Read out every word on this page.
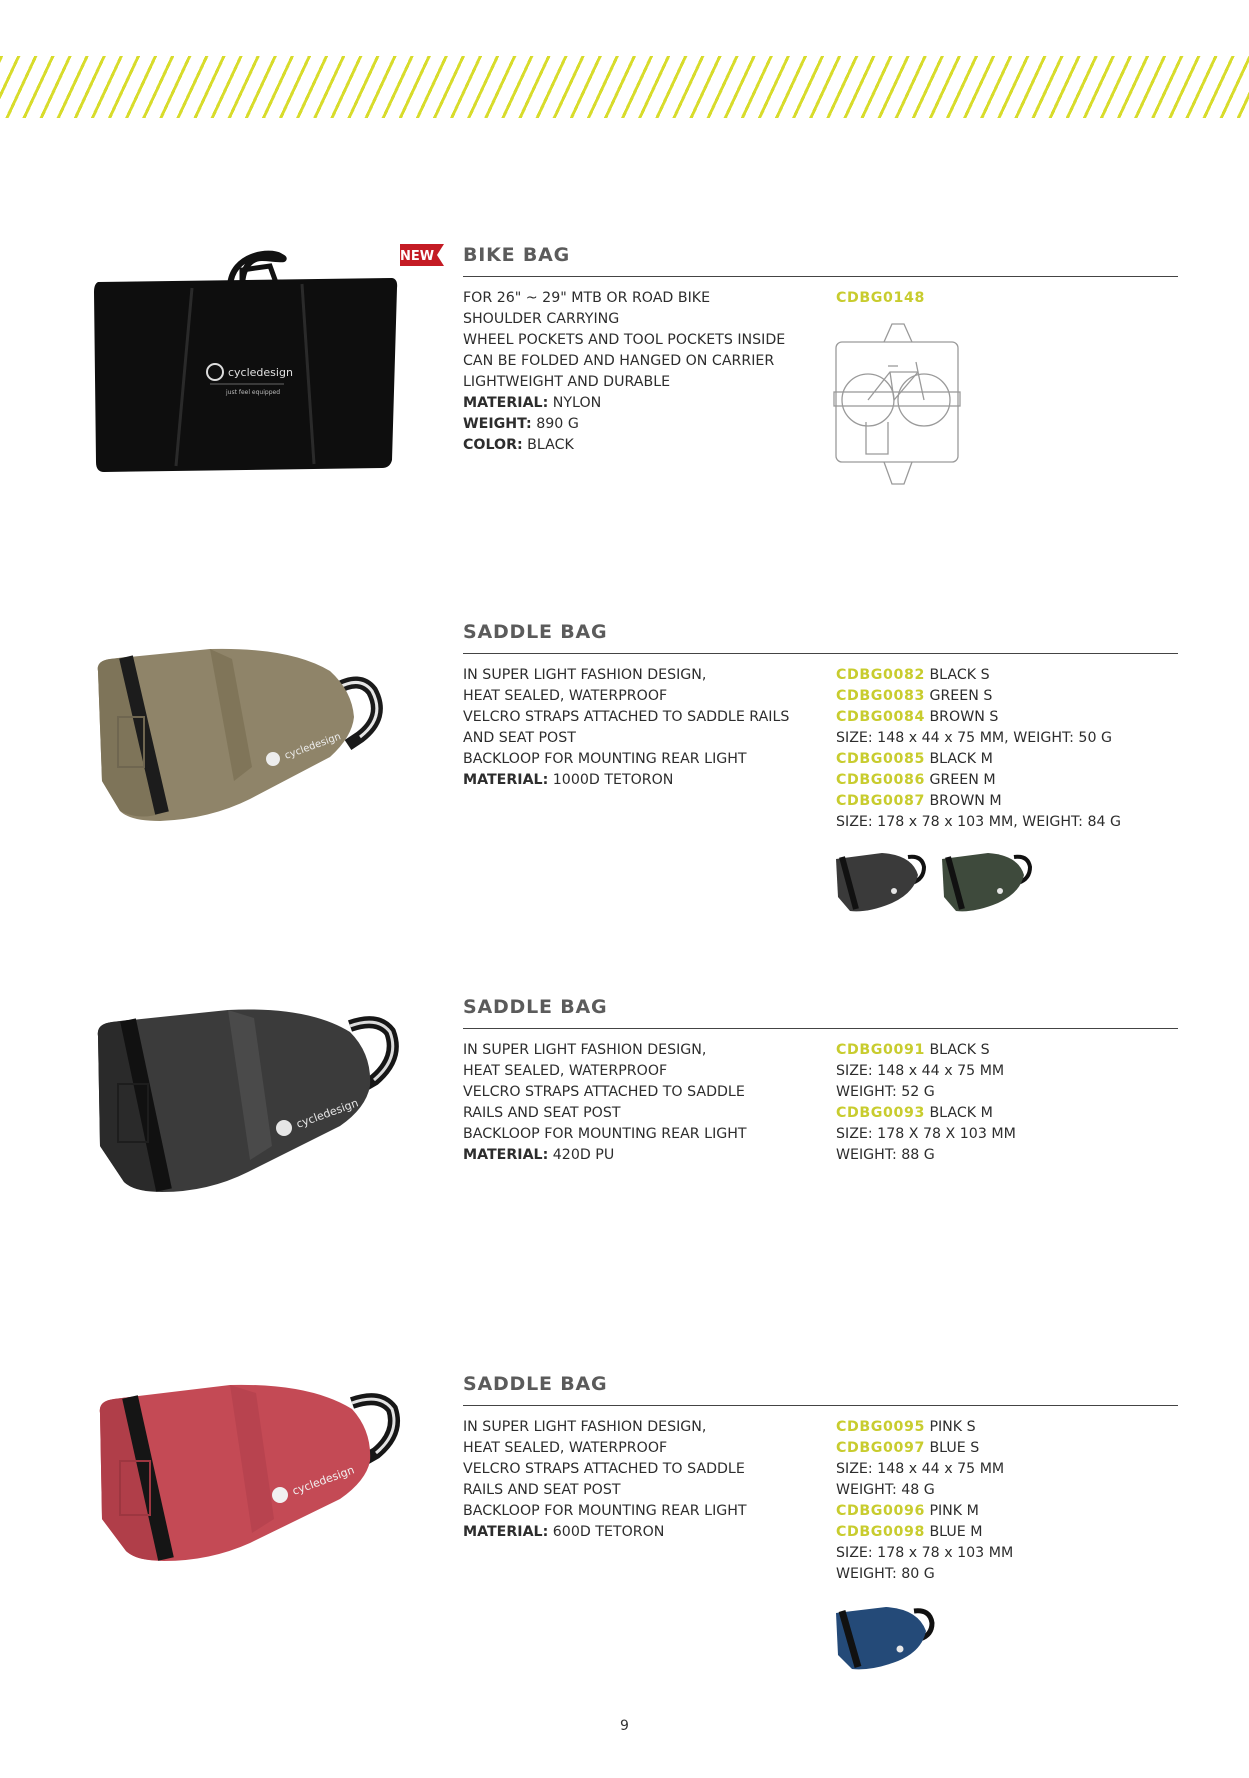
NEW BIKE BAG
cycledesign
just feel equipped
FOR 26" ~ 29" MTB OR ROAD BIKE
SHOULDER CARRYING
WHEEL POCKETS AND TOOL POCKETS INSIDE
CAN BE FOLDED AND HANGED ON CARRIER
LIGHTWEIGHT AND DURABLE
MATERIAL: NYLON
WEIGHT: 890 G
COLOR: BLACK
CDBG0148
SADDLE BAG
cycledesign
IN SUPER LIGHT FASHION DESIGN,
HEAT SEALED, WATERPROOF
VELCRO STRAPS ATTACHED TO SADDLE RAILS
AND SEAT POST
BACKLOOP FOR MOUNTING REAR LIGHT
MATERIAL: 1000D TETORON
CDBG0082 BLACK S
CDBG0083 GREEN S
CDBG0084 BROWN S
SIZE: 148 x 44 x 75 MM, WEIGHT: 50 G
CDBG0085 BLACK M
CDBG0086 GREEN M
CDBG0087 BROWN M
SIZE: 178 x 78 x 103 MM, WEIGHT: 84 G
SADDLE BAG
cycledesign
IN SUPER LIGHT FASHION DESIGN,
HEAT SEALED, WATERPROOF
VELCRO STRAPS ATTACHED TO SADDLE
RAILS AND SEAT POST
BACKLOOP FOR MOUNTING REAR LIGHT
MATERIAL: 420D PU
CDBG0091 BLACK S
SIZE: 148 x 44 x 75 MM
WEIGHT: 52 G
CDBG0093 BLACK M
SIZE: 178 X 78 X 103 MM
WEIGHT: 88 G
SADDLE BAG
cycledesign
IN SUPER LIGHT FASHION DESIGN,
HEAT SEALED, WATERPROOF
VELCRO STRAPS ATTACHED TO SADDLE
RAILS AND SEAT POST
BACKLOOP FOR MOUNTING REAR LIGHT
MATERIAL: 600D TETORON
CDBG0095 PINK S
CDBG0097 BLUE S
SIZE: 148 x 44 x 75 MM
WEIGHT: 48 G
CDBG0096 PINK M
CDBG0098 BLUE M
SIZE: 178 x 78 x 103 MM
WEIGHT: 80 G
9
